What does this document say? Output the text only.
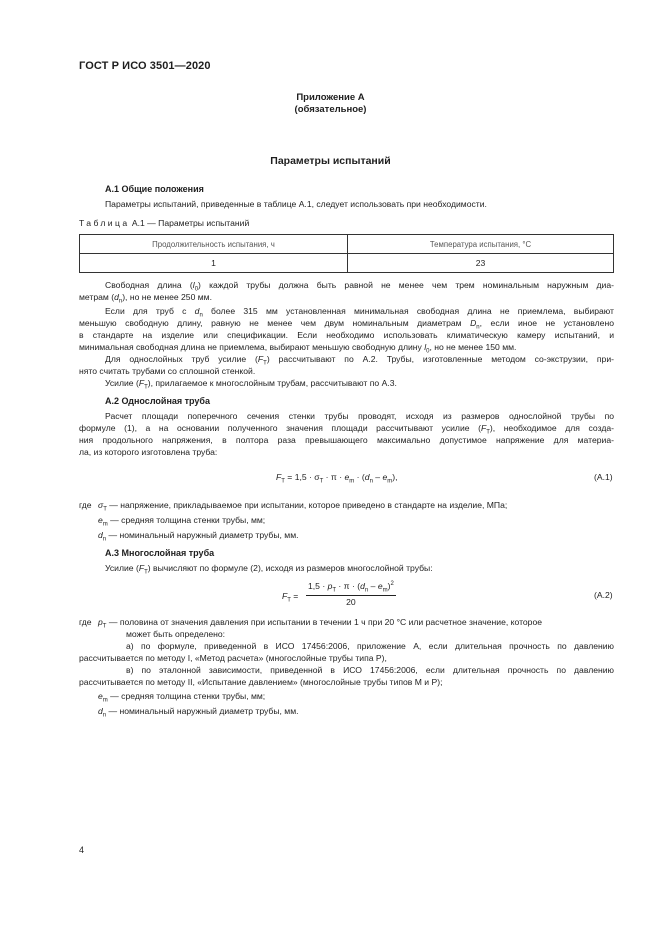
ГОСТ Р ИСО 3501—2020
Приложение А
(обязательное)
Параметры испытаний
А.1 Общие положения
Параметры испытаний, приведенные в таблице А.1, следует использовать при необходимости.
Таблица А.1 — Параметры испытаний
Продолжительность испытания, ч	Температура испытания, °С
1	23
Свободная длина $(l_0)$ каждой трубы должна быть равной не менее чем трем номинальным наружным диа-
метрам $(d_n)$, но не менее 250 мм.
Если для труб с $d_n$ более 315 мм установленная минимальная свободная длина не приемлема, выбирают
меньшую свободную длину, равную не менее чем двум номинальным диаметрам $D_n$, если иное не установлено
в стандарте на изделие или спецификации. Если необходимо использовать климатическую камеру испытаний, и
минимальная свободная длина не приемлема, выбирают меньшую свободную длину $l_0$, но не менее 150 мм.
Для однослойных труб усилие $(F_T)$ рассчитывают по А.2. Трубы, изготовленные методом со-экструзии, при-
нято считать трубами со сплошной стенкой.
Усилие $(F_T)$, прилагаемое к многослойным трубам, рассчитывают по А.3.
А.2 Однослойная труба
Расчет площади поперечного сечения стенки трубы проводят, исходя из размеров однослойной трубы по
формуле (1), а на основании полученного значения площади рассчитывают усилие $(F_T)$, необходимое для созда-
ния продольного напряжения, в полтора раза превышающего максимально допустимое напряжение для материа-
ла, из которого изготовлена труба:
$F_T = 1,5 \cdot \sigma_T \cdot \pi \cdot e_m \cdot (d_n - e_m)$,	(А.1)
где $\sigma_T$ — напряжение, прикладываемое при испытании, которое приведено в стандарте на изделие, МПа;
$e_m$ — средняя толщина стенки трубы, мм;
$d_n$ — номинальный наружный диаметр трубы, мм.
А.3 Многослойная труба
Усилие $(F_T)$ вычисляют по формуле (2), исходя из размеров многослойной трубы:
$F_T$ =
$1,5 \cdot p_T \cdot \pi \cdot (d_n - e_m)^2$
20
(А.2)
где $p_T$ — половина от значения давления при испытании в течении 1 ч при 20 °С или расчетное значение, которое
может быть определено:
а) по формуле, приведенной в ИСО 17456:2006, приложение А, если длительная прочность по давлению
рассчитывается по методу I, «Метод расчета» (многослойные трубы типа Р),
в) по эталонной зависимости, приведенной в ИСО 17456:2006, если длительная прочность по давлению
рассчитывается по методу II, «Испытание давлением» (многослойные трубы типов М и Р);
$e_m$ — средняя толщина стенки трубы, мм;
$d_n$ — номинальный наружный диаметр трубы, мм.
4
